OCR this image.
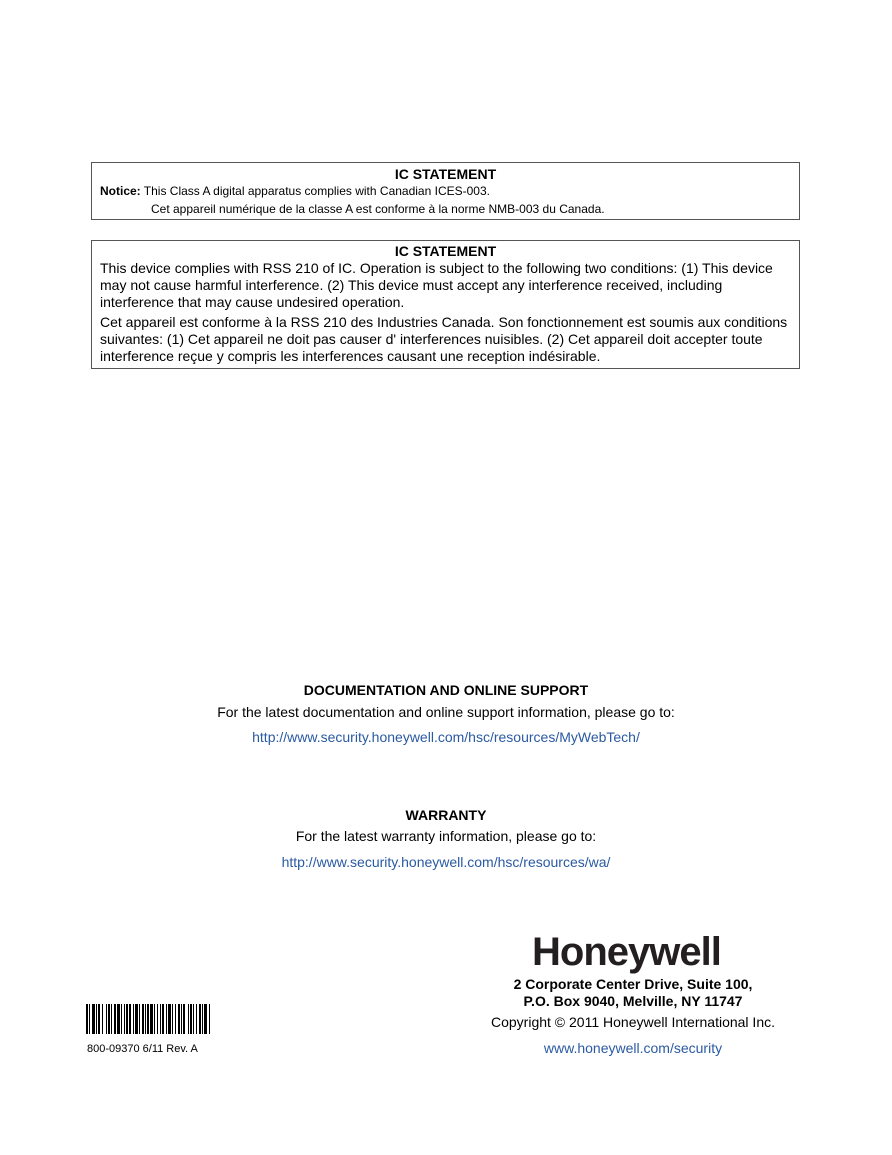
IC STATEMENT
Notice: This Class A digital apparatus complies with Canadian ICES-003.
Cet appareil numérique de la classe A est conforme à la norme NMB-003 du Canada.
IC STATEMENT

This device complies with RSS 210 of IC. Operation is subject to the following two conditions: (1) This device may not cause harmful interference. (2) This device must accept any interference received, including interference that may cause undesired operation.

Cet appareil est conforme à la RSS 210 des Industries Canada. Son fonctionnement est soumis aux conditions suivantes: (1) Cet appareil ne doit pas causer d' interferences nuisibles. (2) Cet appareil doit accepter toute interference reçue y compris les interferences causant une reception indésirable.

DOCUMENTATION AND ONLINE SUPPORT
For the latest documentation and online support information, please go to:
http://www.security.honeywell.com/hsc/resources/MyWebTech/
WARRANTY
For the latest warranty information, please go to:
http://www.security.honeywell.com/hsc/resources/wa/
Honeywell
2 Corporate Center Drive, Suite 100,
P.O. Box 9040, Melville, NY 11747
Copyright © 2011 Honeywell International Inc.
www.honeywell.com/security
800-09370 6/11 Rev. A
